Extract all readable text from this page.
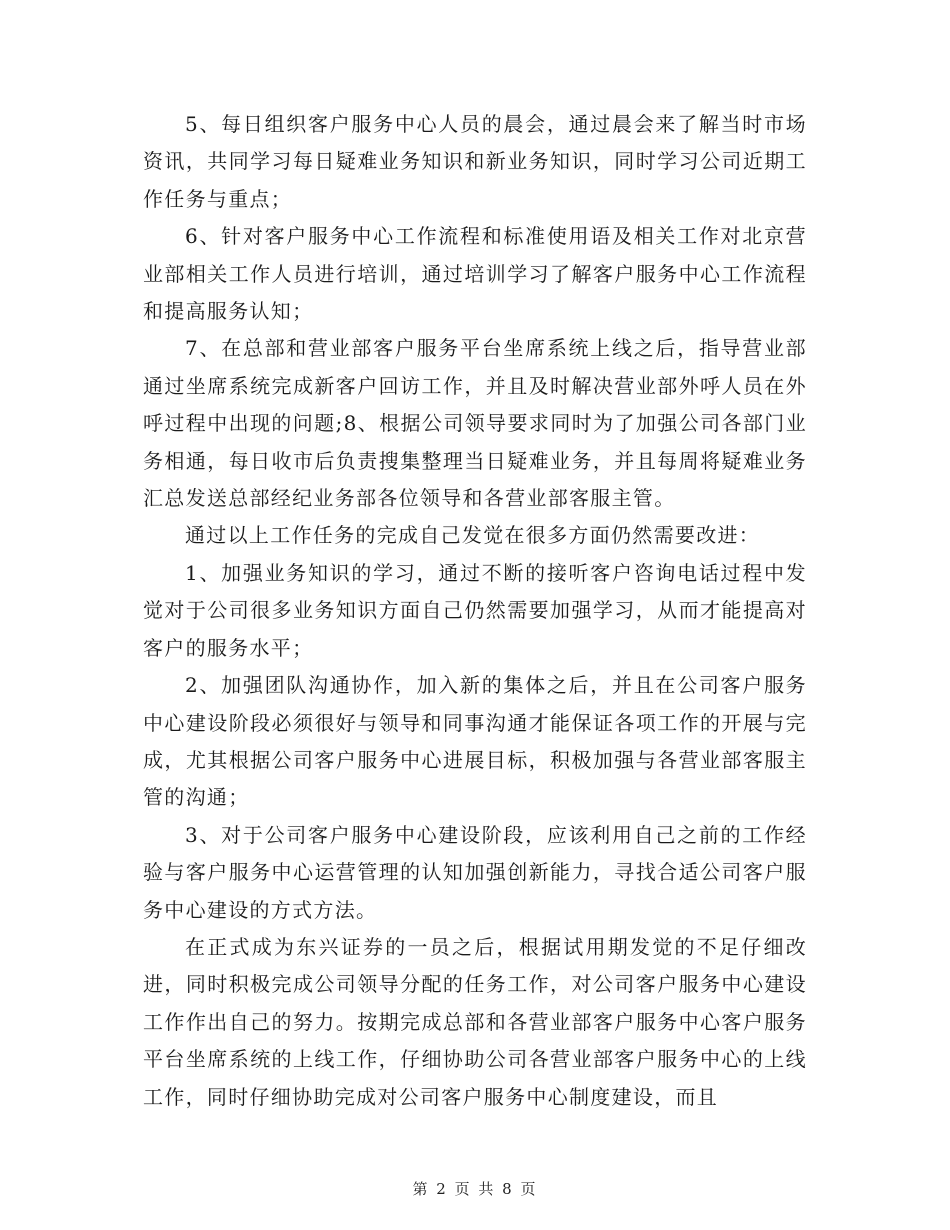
5、每日组织客户服务中心人员的晨会，通过晨会来了解当时市场资讯，共同学习每日疑难业务知识和新业务知识，同时学习公司近期工作任务与重点；

6、针对客户服务中心工作流程和标准使用语及相关工作对北京营业部相关工作人员进行培训，通过培训学习了解客户服务中心工作流程和提高服务认知；

7、在总部和营业部客户服务平台坐席系统上线之后，指导营业部通过坐席系统完成新客户回访工作，并且及时解决营业部外呼人员在外呼过程中出现的问题;8、根据公司领导要求同时为了加强公司各部门业务相通，每日收市后负责搜集整理当日疑难业务，并且每周将疑难业务汇总发送总部经纪业务部各位领导和各营业部客服主管。

通过以上工作任务的完成自己发觉在很多方面仍然需要改进：

1、加强业务知识的学习，通过不断的接听客户咨询电话过程中发觉对于公司很多业务知识方面自己仍然需要加强学习，从而才能提高对客户的服务水平；

2、加强团队沟通协作，加入新的集体之后，并且在公司客户服务中心建设阶段必须很好与领导和同事沟通才能保证各项工作的开展与完成，尤其根据公司客户服务中心进展目标，积极加强与各营业部客服主管的沟通；

3、对于公司客户服务中心建设阶段，应该利用自己之前的工作经验与客户服务中心运营管理的认知加强创新能力，寻找合适公司客户服务中心建设的方式方法。

在正式成为东兴证券的一员之后，根据试用期发觉的不足仔细改进，同时积极完成公司领导分配的任务工作，对公司客户服务中心建设工作作出自己的努力。按期完成总部和各营业部客户服务中心客户服务平台坐席系统的上线工作，仔细协助公司各营业部客户服务中心的上线工作，同时仔细协助完成对公司客户服务中心制度建设，而且

第 2 页 共 8 页
